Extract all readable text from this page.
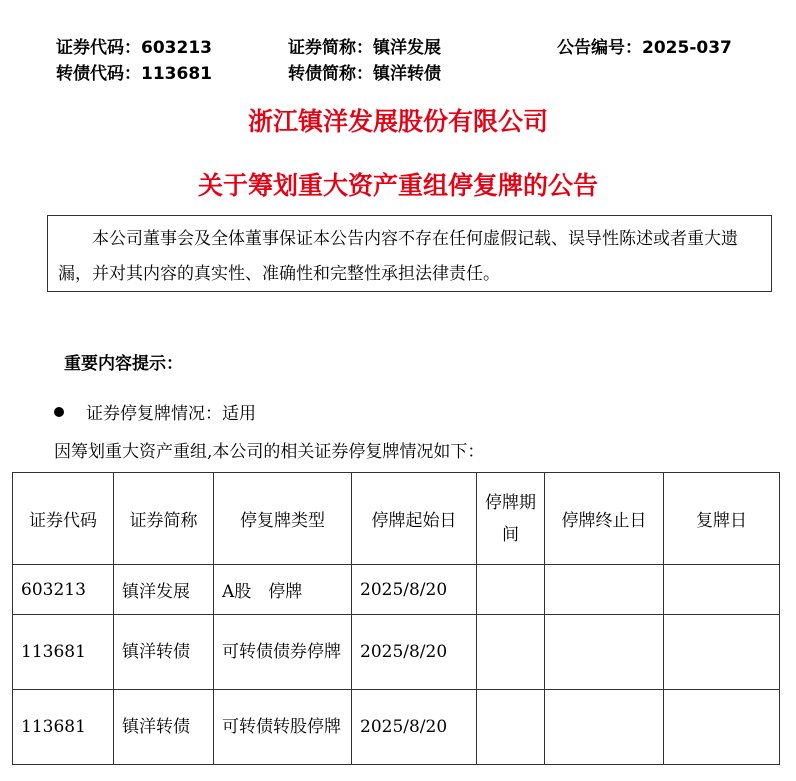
证券代码：603213	证券简称：镇洋发展	公告编号：2025-037
转债代码：113681	转债简称：镇洋转债
浙江镇洋发展股份有限公司
关于筹划重大资产重组停复牌的公告

本公司董事会及全体董事保证本公告内容不存在任何虚假记载、误导性陈述或者重大遗漏，并对其内容的真实性、准确性和完整性承担法律责任。

重要内容提示：
证券停复牌情况：适用
因筹划重大资产重组,本公司的相关证券停复牌情况如下：
证券代码	证券简称	停复牌类型	停牌起始日	停牌期间	停牌终止日	复牌日
603213	镇洋发展	A股　停牌	2025/8/20			
113681	镇洋转债	可转债债券停牌	2025/8/20			
113681	镇洋转债	可转债转股停牌	2025/8/20			
